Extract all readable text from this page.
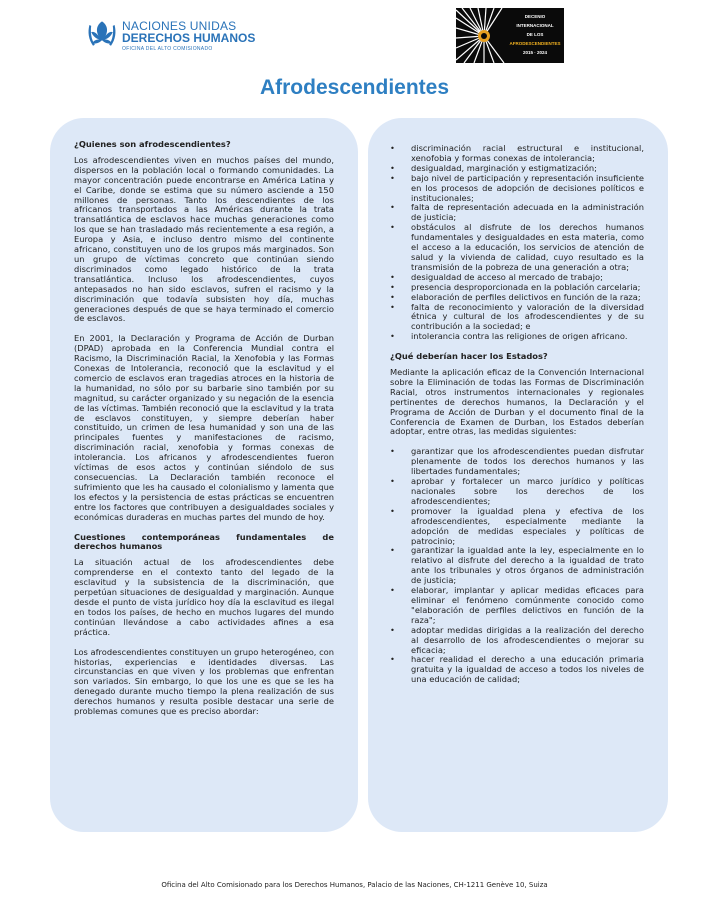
NACIONES UNIDAS
DERECHOS HUMANOS
OFICINA DEL ALTO COMISIONADO
DECENIO
INTERNACIONAL
DE LOS
AFRODESCENDIENTES
2015 · 2024
Afrodescendientes

¿Quienes son afrodescendientes?

Los afrodescendientes viven en muchos países del mundo, dispersos en la población local o formando comunidades. La mayor concentración puede encontrarse en América Latina y el Caribe, donde se estima que su número asciende a 150 millones de personas. Tanto los descendientes de los africanos transportados a las Américas durante la trata transatlántica de esclavos hace muchas generaciones como los que se han trasladado más recientemente a esa región, a Europa y Asia, e incluso dentro mismo del continente africano, constituyen uno de los grupos más marginados. Son un grupo de víctimas concreto que continúan siendo discriminados como legado histórico de la trata transatlántica. Incluso los afrodescendientes, cuyos antepasados no han sido esclavos, sufren el racismo y la discriminación que todavía subsisten hoy día, muchas generaciones después de que se haya terminado el comercio de esclavos.

En 2001, la Declaración y Programa de Acción de Durban (DPAD) aprobada en la Conferencia Mundial contra el Racismo, la Discriminación Racial, la Xenofobia y las Formas Conexas de Intolerancia, reconoció que la esclavitud y el comercio de esclavos eran tragedias atroces en la historia de la humanidad, no sólo por su barbarie sino también por su magnitud, su carácter organizado y su negación de la esencia de las víctimas. También reconoció que la esclavitud y la trata de esclavos constituyen, y siempre deberían haber constituido, un crimen de lesa humanidad y son una de las principales fuentes y manifestaciones de racismo, discriminación racial, xenofobia y formas conexas de intolerancia. Los africanos y afrodescendientes fueron víctimas de esos actos y continúan siéndolo de sus consecuencias. La Declaración también reconoce el sufrimiento que les ha causado el colonialismo y lamenta que los efectos y la persistencia de estas prácticas se encuentren entre los factores que contribuyen a desigualdades sociales y económicas duraderas en muchas partes del mundo de hoy.

Cuestiones contemporáneas fundamentales de derechos humanos

La situación actual de los afrodescendientes debe comprenderse en el contexto tanto del legado de la esclavitud y la subsistencia de la discriminación, que perpetúan situaciones de desigualdad y marginación. Aunque desde el punto de vista jurídico hoy día la esclavitud es ilegal en todos los países, de hecho en muchos lugares del mundo continúan llevándose a cabo actividades afines a esa práctica.

Los afrodescendientes constituyen un grupo heterogéneo, con historias, experiencias e identidades diversas. Las circunstancias en que viven y los problemas que enfrentan son variados. Sin embargo, lo que los une es que se les ha denegado durante mucho tiempo la plena realización de sus derechos humanos y resulta posible destacar una serie de problemas comunes que es preciso abordar:

• discriminación racial estructural e institucional, xenofobia y formas conexas de intolerancia;
• desigualdad, marginación y estigmatización;
• bajo nivel de participación y representación insuficiente en los procesos de adopción de decisiones políticos e institucionales;
• falta de representación adecuada en la administración de justicia;
• obstáculos al disfrute de los derechos humanos fundamentales y desigualdades en esta materia, como el acceso a la educación, los servicios de atención de salud y la vivienda de calidad, cuyo resultado es la transmisión de la pobreza de una generación a otra;
• desigualdad de acceso al mercado de trabajo;
• presencia desproporcionada en la población carcelaria;
• elaboración de perfiles delictivos en función de la raza;
• falta de reconocimiento y valoración de la diversidad étnica y cultural de los afrodescendientes y de su contribución a la sociedad; e
• intolerancia contra las religiones de origen africano.

¿Qué deberían hacer los Estados?

Mediante la aplicación eficaz de la Convención Internacional sobre la Eliminación de todas las Formas de Discriminación Racial, otros instrumentos internacionales y regionales pertinentes de derechos humanos, la Declaración y el Programa de Acción de Durban y el documento final de la Conferencia de Examen de Durban, los Estados deberían adoptar, entre otras, las medidas siguientes:

• garantizar que los afrodescendientes puedan disfrutar plenamente de todos los derechos humanos y las libertades fundamentales;
• aprobar y fortalecer un marco jurídico y políticas nacionales sobre los derechos de los afrodescendientes;
• promover la igualdad plena y efectiva de los afrodescendientes, especialmente mediante la adopción de medidas especiales y políticas de patrocinio;
• garantizar la igualdad ante la ley, especialmente en lo relativo al disfrute del derecho a la igualdad de trato ante los tribunales y otros órganos de administración de justicia;
• elaborar, implantar y aplicar medidas eficaces para eliminar el fenómeno comúnmente conocido como "elaboración de perfiles delictivos en función de la raza";
• adoptar medidas dirigidas a la realización del derecho al desarrollo de los afrodescendientes o mejorar su eficacia;
• hacer realidad el derecho a una educación primaria gratuita y la igualdad de acceso a todos los niveles de una educación de calidad;
Oficina del Alto Comisionado para los Derechos Humanos, Palacio de las Naciones, CH-1211 Genève 10, Suiza
